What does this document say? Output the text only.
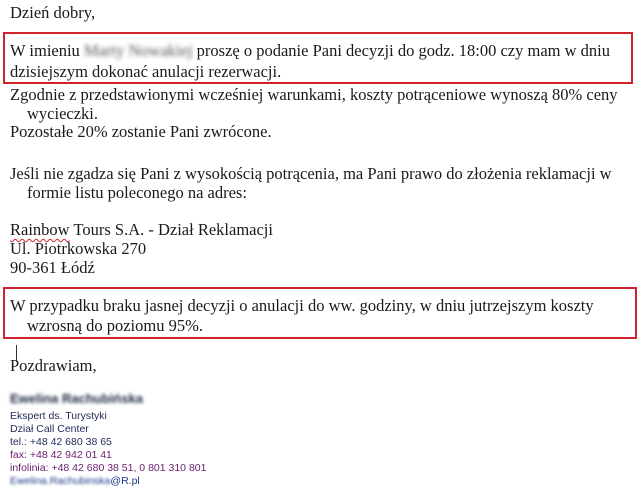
Dzień dobry,
W imieniu Marty Nowakiej proszę o podanie Pani decyzji do godz. 18:00 czy mam w dniu
dzisiejszym dokonać anulacji rezerwacji.
Zgodnie z przedstawionymi wcześniej warunkami, koszty potrąceniowe wynoszą 80% ceny
wycieczki.
Pozostałe 20% zostanie Pani zwrócone.
Jeśli nie zgadza się Pani z wysokością potrącenia, ma Pani prawo do złożenia reklamacji w
formie listu poleconego na adres:
Rainbow Tours S.A. - Dział Reklamacji
Ul. Piotrkowska 270
90-361 Łódź
W przypadku braku jasnej decyzji o anulacji do ww. godziny, w dniu jutrzejszym koszty
wzrosną do poziomu 95%.
Pozdrawiam,
Ewelina Rachubińska
Ekspert ds. Turystyki
Dział Call Center
tel.: +48 42 680 38 65
fax: +48 42 942 01 41
infolinia: +48 42 680 38 51, 0 801 310 801
Ewelina.Rachubinska@R.pl
